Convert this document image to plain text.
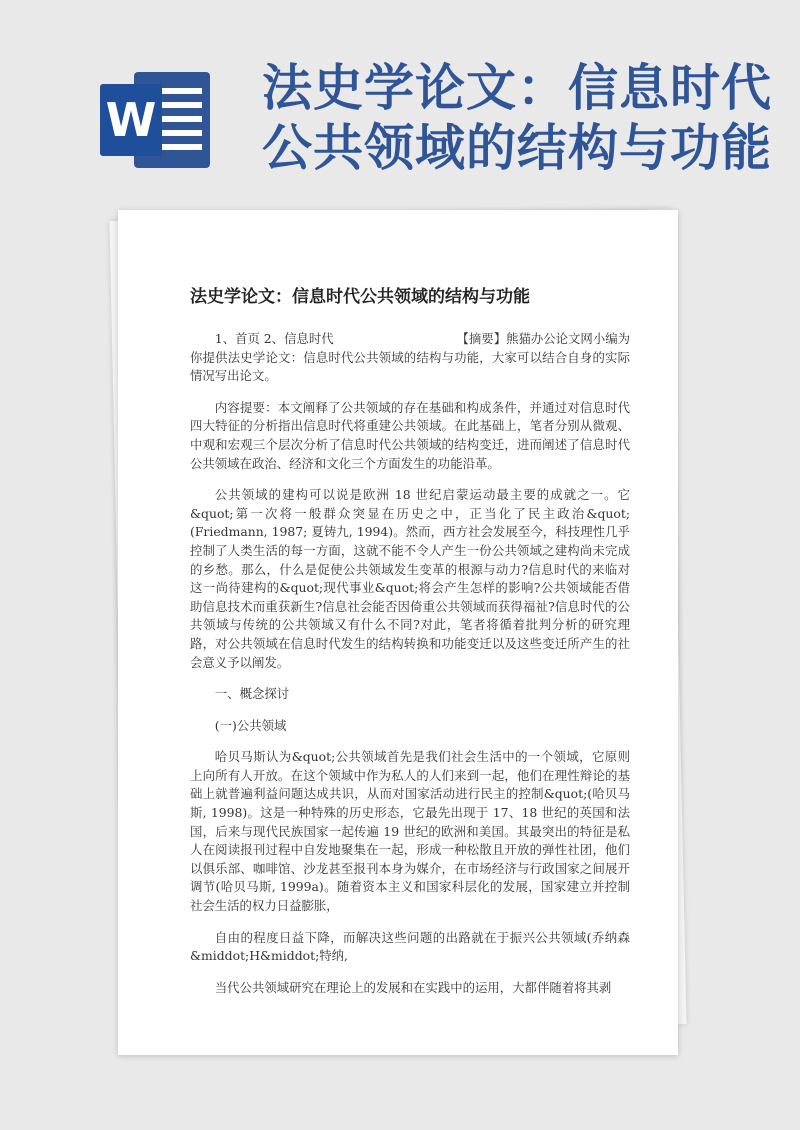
W
法史学论文：信息时代
公共领域的结构与功能
法史学论文：信息时代公共领域的结构与功能

1、首页 2、信息时代	【摘要】熊猫办公论文网小编为

你提供法史学论文：信息时代公共领域的结构与功能，大家可以结合自身的实际情况写出论文。

内容提要：本文阐释了公共领域的存在基础和构成条件，并通过对信息时代四大特征的分析指出信息时代将重建公共领域。在此基础上，笔者分别从微观、中观和宏观三个层次分析了信息时代公共领域的结构变迁，进而阐述了信息时代公共领域在政治、经济和文化三个方面发生的功能沿革。

公共领域的建构可以说是欧洲 18 世纪启蒙运动最主要的成就之一。它&quot;第一次将一般群众突显在历史之中，正当化了民主政治&quot;(Friedmann, 1987; 夏铸九, 1994)。然而，西方社会发展至今，科技理性几乎控制了人类生活的每一方面，这就不能不令人产生一份公共领域之建构尚未完成的乡愁。那么，什么是促使公共领域发生变革的根源与动力?信息时代的来临对这一尚待建构的&quot;现代事业&quot;将会产生怎样的影响?公共领域能否借助信息技术而重获新生?信息社会能否因倚重公共领域而获得福祉?信息时代的公共领域与传统的公共领域又有什么不同?对此，笔者将循着批判分析的研究理路，对公共领域在信息时代发生的结构转换和功能变迁以及这些变迁所产生的社会意义予以阐发。

一、概念探讨

(一)公共领域

哈贝马斯认为&quot;公共领域首先是我们社会生活中的一个领域，它原则上向所有人开放。在这个领域中作为私人的人们来到一起，他们在理性辩论的基础上就普遍利益问题达成共识，从而对国家活动进行民主的控制&quot;(哈贝马斯, 1998)。这是一种特殊的历史形态，它最先出现于 17、18 世纪的英国和法国，后来与现代民族国家一起传遍 19 世纪的欧洲和美国。其最突出的特征是私人在阅读报刊过程中自发地聚集在一起，形成一种松散且开放的弹性社团，他们以俱乐部、咖啡馆、沙龙甚至报刊本身为媒介，在市场经济与行政国家之间展开调节(哈贝马斯, 1999a)。随着资本主义和国家科层化的发展，国家建立并控制社会生活的权力日益膨胀，

自由的程度日益下降，而解决这些问题的出路就在于振兴公共领域(乔纳森&middot;H&middot;特纳,

当代公共领域研究在理论上的发展和在实践中的运用，大都伴随着将其剥
